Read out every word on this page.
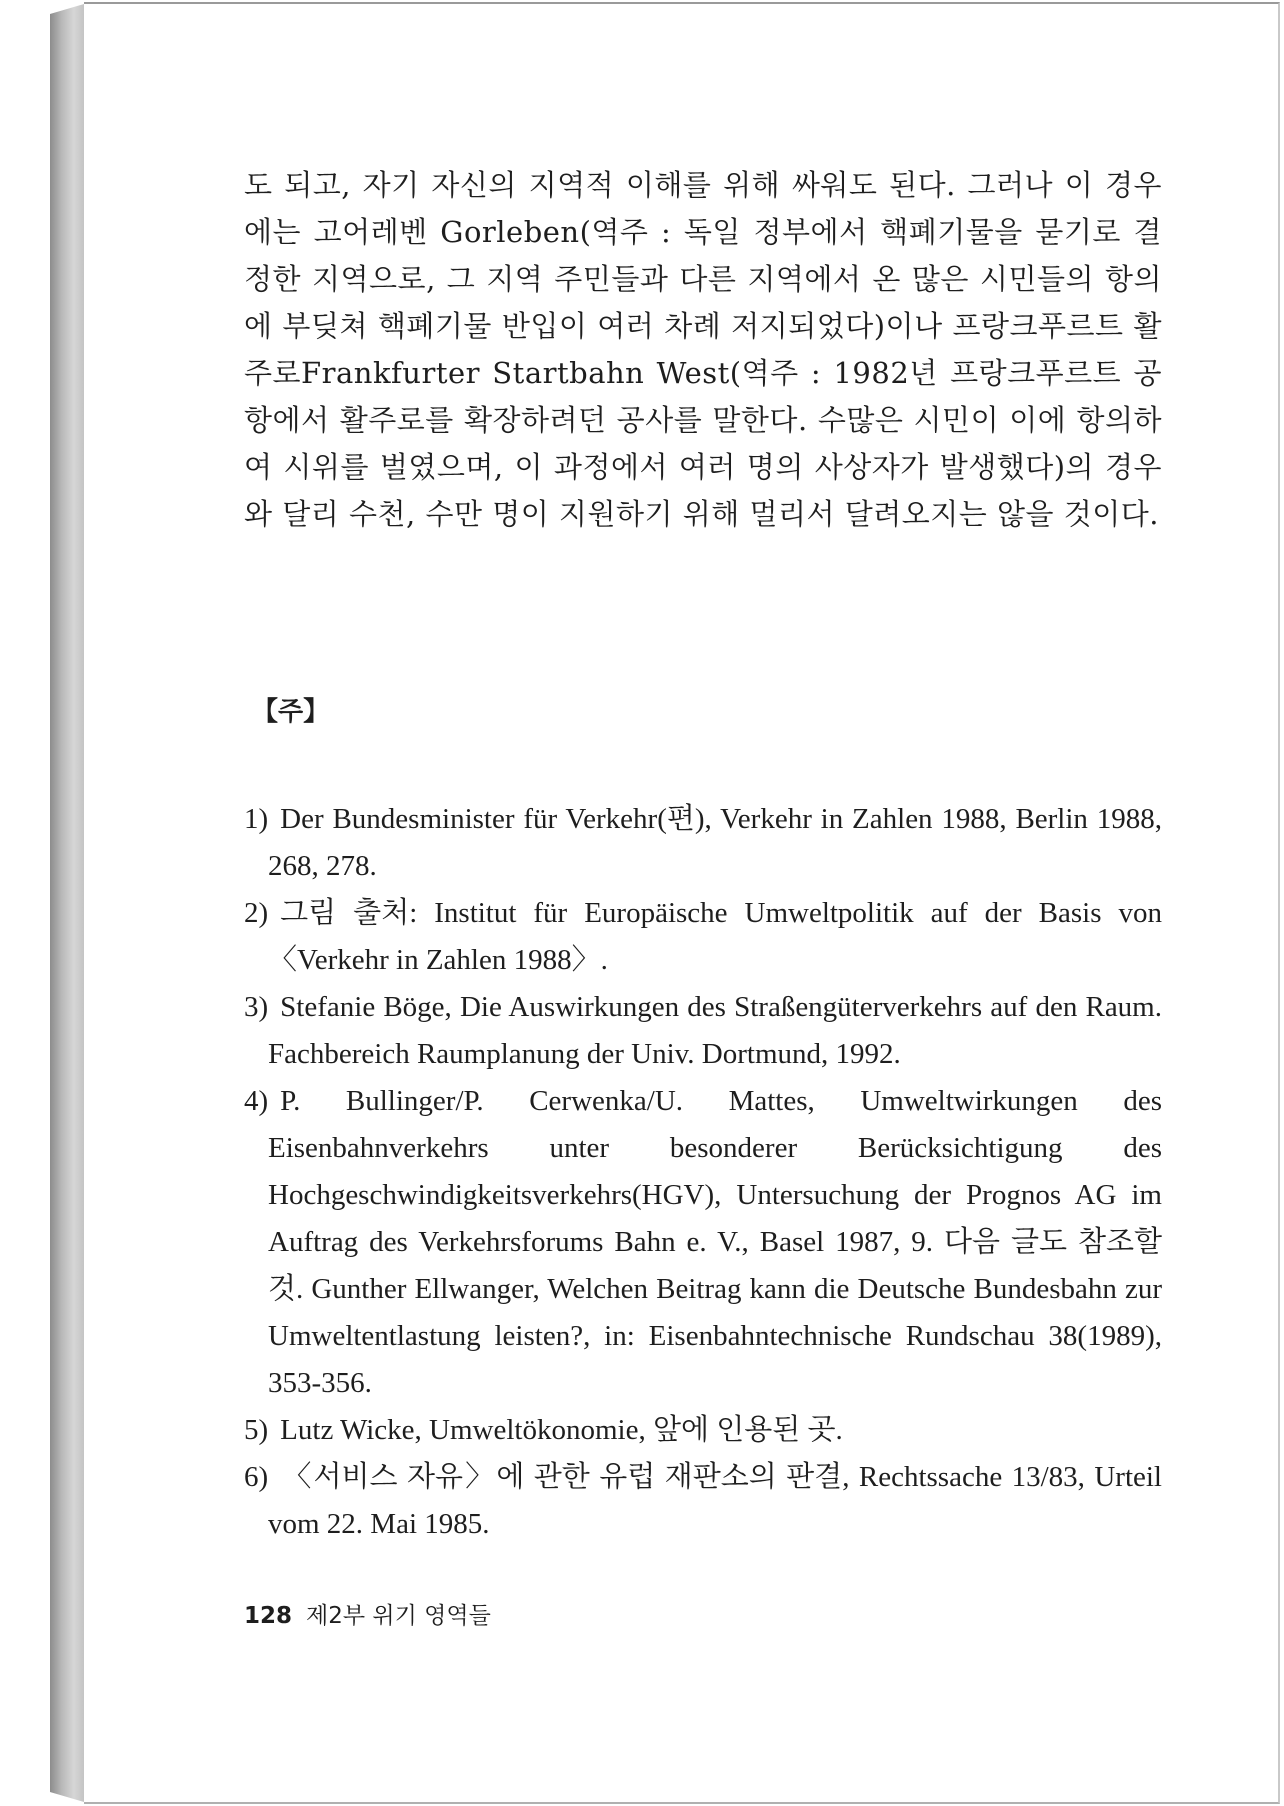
도 되고, 자기 자신의 지역적 이해를 위해 싸워도 된다. 그러나 이 경우에는 고어레벤 Gorleben(역주 : 독일 정부에서 핵폐기물을 묻기로 결정한 지역으로, 그 지역 주민들과 다른 지역에서 온 많은 시민들의 항의에 부딪쳐 핵폐기물 반입이 여러 차례 저지되었다)이나 프랑크푸르트 활주로Frankfurter Startbahn West(역주 : 1982년 프랑크푸르트 공항에서 활주로를 확장하려던 공사를 말한다. 수많은 시민이 이에 항의하여 시위를 벌였으며, 이 과정에서 여러 명의 사상자가 발생했다)의 경우와 달리 수천, 수만 명이 지원하기 위해 멀리서 달려오지는 않을 것이다.

【주】
1) Der Bundesminister für Verkehr(편), Verkehr in Zahlen 1988, Berlin 1988, 268, 278.
2) 그림 출처: Institut für Europäische Umweltpolitik auf der Basis von 〈Verkehr in Zahlen 1988〉.
3) Stefanie Böge, Die Auswirkungen des Straßengüterverkehrs auf den Raum. Fachbereich Raumplanung der Univ. Dortmund, 1992.
4) P. Bullinger/P. Cerwenka/U. Mattes, Umweltwirkungen des Eisenbahnverkehrs unter besonderer Berücksichtigung des Hochgeschwindigkeitsverkehrs(HGV), Untersuchung der Prognos AG im Auftrag des Verkehrsforums Bahn e. V., Basel 1987, 9. 다음 글도 참조할 것. Gunther Ellwanger, Welchen Beitrag kann die Deutsche Bundesbahn zur Umweltentlastung leisten?, in: Eisenbahntechnische Rundschau 38(1989), 353-356.
5) Lutz Wicke, Umweltökonomie, 앞에 인용된 곳.
6) 〈서비스 자유〉에 관한 유럽 재판소의 판결, Rechtssache 13/83, Urteil vom 22. Mai 1985.
128 제2부 위기 영역들
